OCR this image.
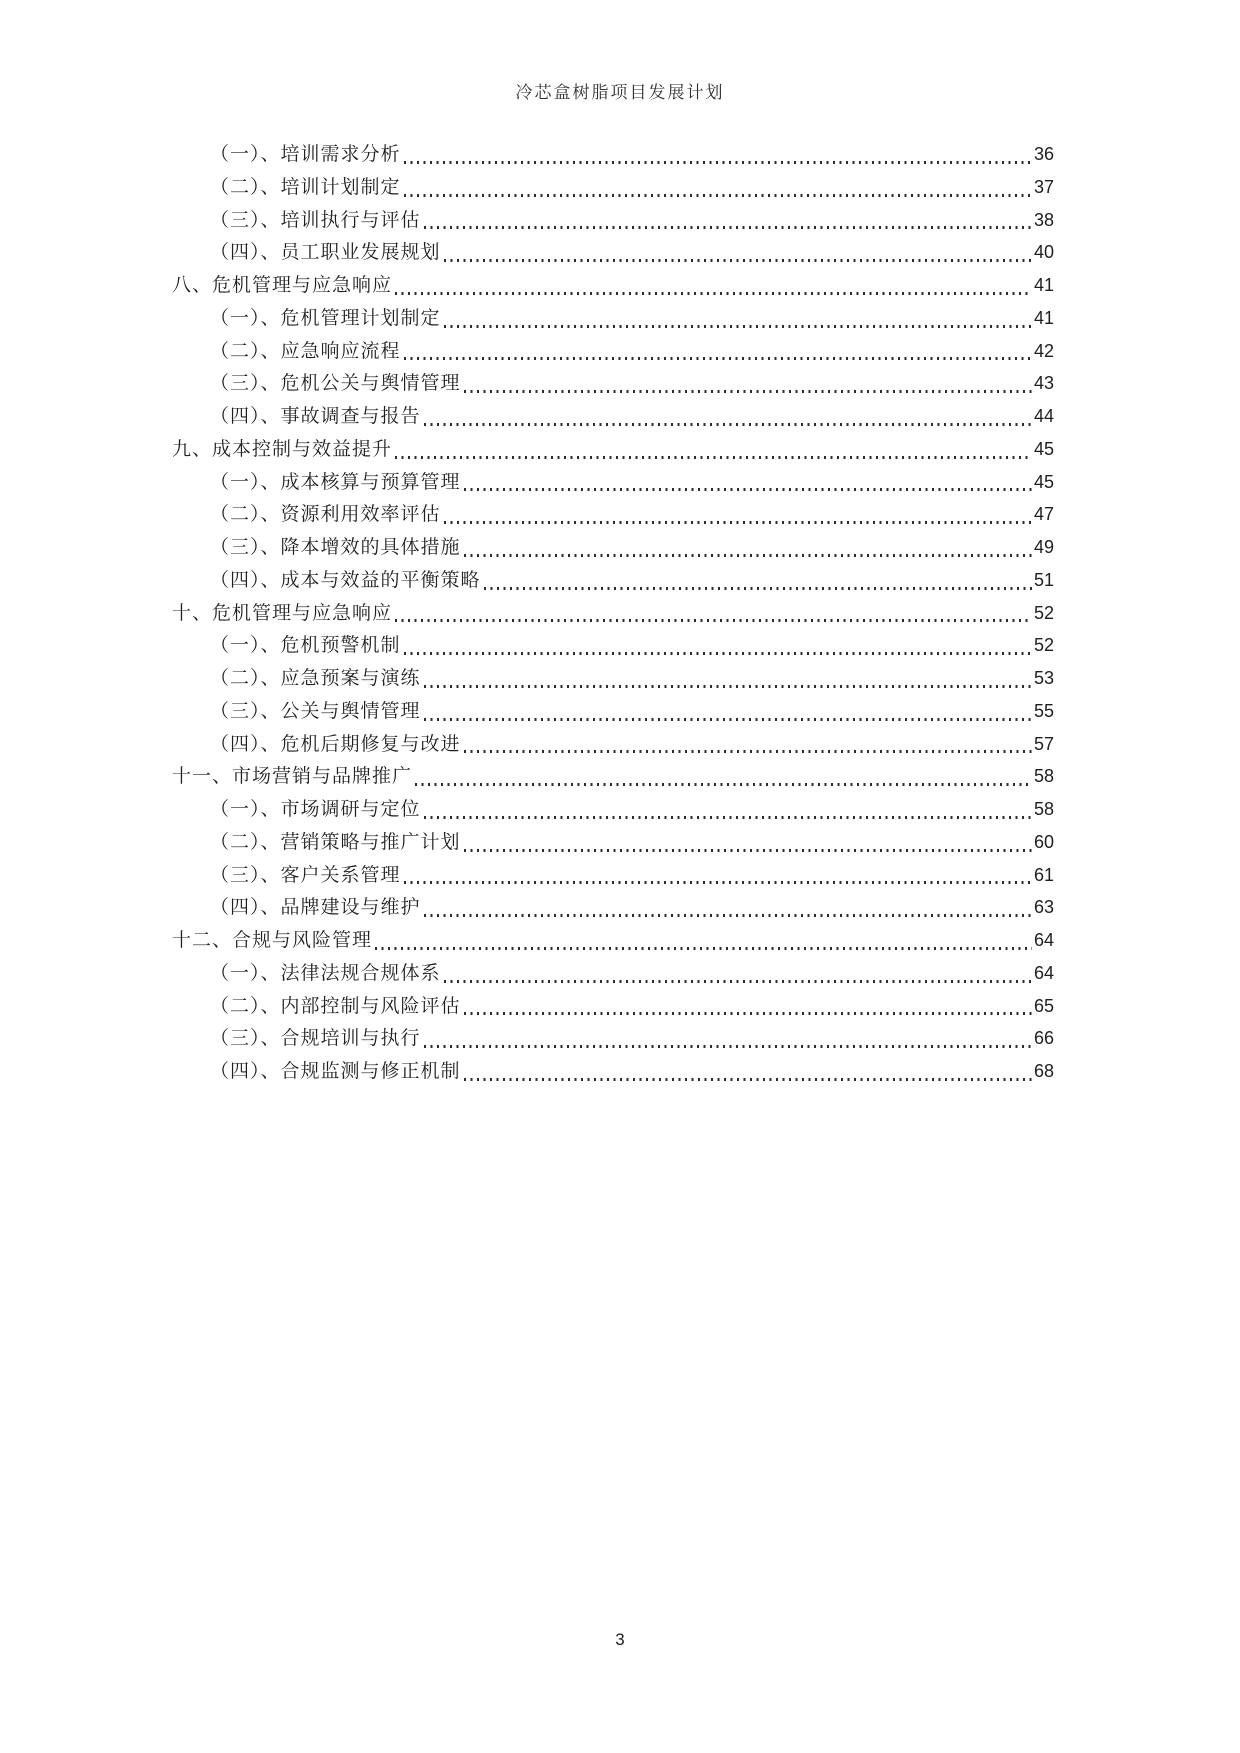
冷芯盒树脂项目发展计划
（一）、培训需求分析	36
（二）、培训计划制定	37
（三）、培训执行与评估	38
（四）、员工职业发展规划	40
八、危机管理与应急响应	41
（一）、危机管理计划制定	41
（二）、应急响应流程	42
（三）、危机公关与舆情管理	43
（四）、事故调查与报告	44
九、成本控制与效益提升	45
（一）、成本核算与预算管理	45
（二）、资源利用效率评估	47
（三）、降本增效的具体措施	49
（四）、成本与效益的平衡策略	51
十、危机管理与应急响应	52
（一）、危机预警机制	52
（二）、应急预案与演练	53
（三）、公关与舆情管理	55
（四）、危机后期修复与改进	57
十一、市场营销与品牌推广	58
（一）、市场调研与定位	58
（二）、营销策略与推广计划	60
（三）、客户关系管理	61
（四）、品牌建设与维护	63
十二、合规与风险管理	64
（一）、法律法规合规体系	64
（二）、内部控制与风险评估	65
（三）、合规培训与执行	66
（四）、合规监测与修正机制	68
3
